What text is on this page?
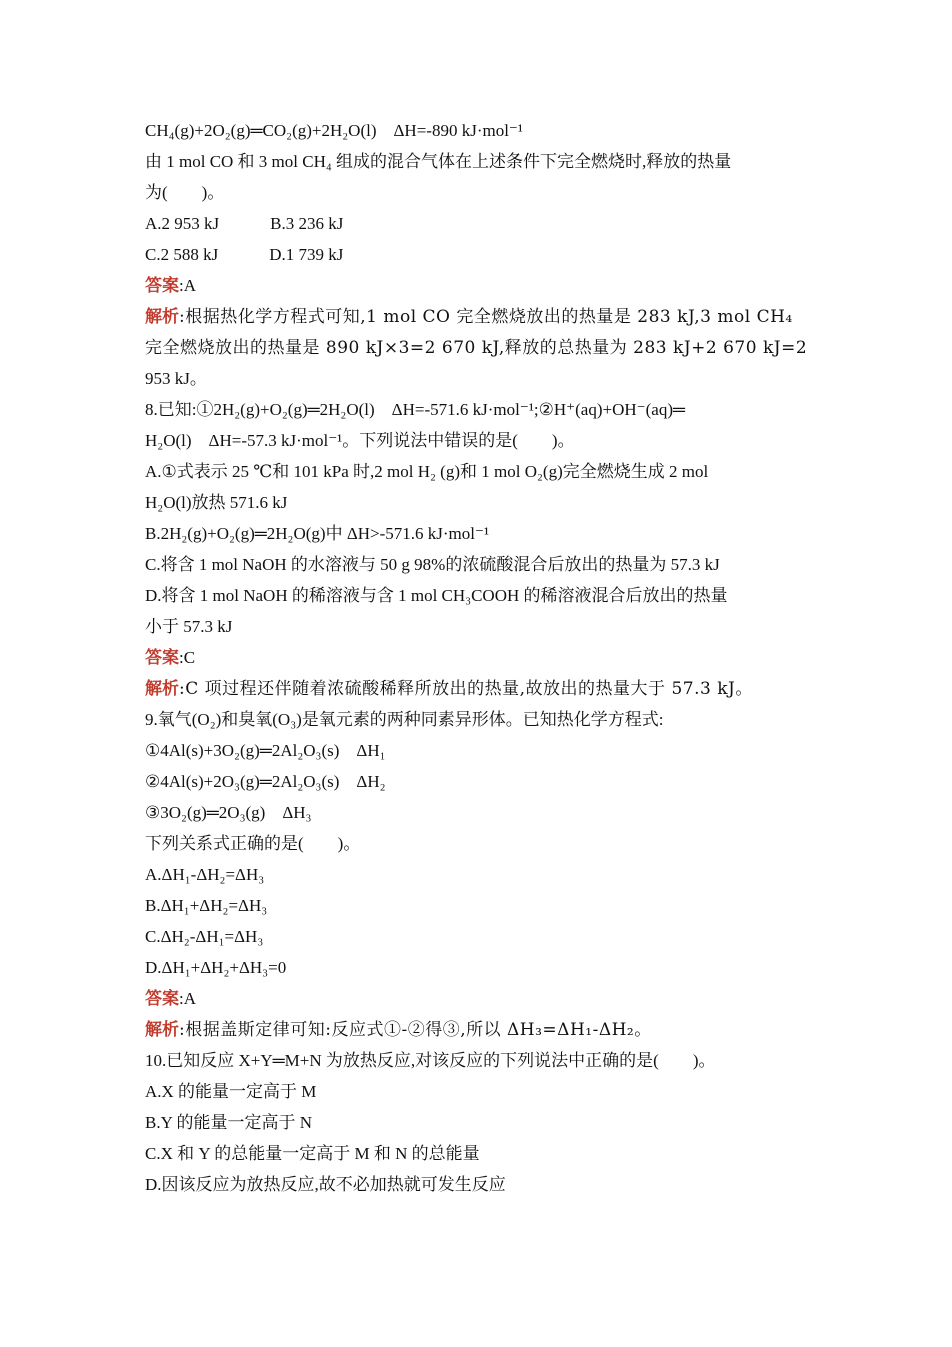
CH₄(g)+2O₂(g)═CO₂(g)+2H₂O(l)　ΔH=-890 kJ·mol⁻¹
由 1 mol CO 和 3 mol CH₄ 组成的混合气体在上述条件下完全燃烧时,释放的热量
为(　　)。
A.2 953 kJ　　　B.3 236 kJ
C.2 588 kJ　　　D.1 739 kJ
答案:A
解析:根据热化学方程式可知,1 mol CO 完全燃烧放出的热量是 283 kJ,3 mol CH₄
完全燃烧放出的热量是 890 kJ×3=2 670 kJ,释放的总热量为 283 kJ+2 670 kJ=2
953 kJ。
8.已知:①2H₂(g)+O₂(g)═2H₂O(l)　ΔH=-571.6 kJ·mol⁻¹;②H⁺(aq)+OH⁻(aq)═
H₂O(l)　ΔH=-57.3 kJ·mol⁻¹。下列说法中错误的是(　　)。
A.①式表示 25 ℃和 101 kPa 时,2 mol H₂ (g)和 1 mol O₂(g)完全燃烧生成 2 mol
H₂O(l)放热 571.6 kJ
B.2H₂(g)+O₂(g)═2H₂O(g)中 ΔH>-571.6 kJ·mol⁻¹
C.将含 1 mol NaOH 的水溶液与 50 g 98%的浓硫酸混合后放出的热量为 57.3 kJ
D.将含 1 mol NaOH 的稀溶液与含 1 mol CH₃COOH 的稀溶液混合后放出的热量
小于 57.3 kJ
答案:C
解析:C 项过程还伴随着浓硫酸稀释所放出的热量,故放出的热量大于 57.3 kJ。
9.氧气(O₂)和臭氧(O₃)是氧元素的两种同素异形体。已知热化学方程式:
①4Al(s)+3O₂(g)═2Al₂O₃(s)　ΔH₁
②4Al(s)+2O₃(g)═2Al₂O₃(s)　ΔH₂
③3O₂(g)═2O₃(g)　ΔH₃
下列关系式正确的是(　　)。
A.ΔH₁-ΔH₂=ΔH₃
B.ΔH₁+ΔH₂=ΔH₃
C.ΔH₂-ΔH₁=ΔH₃
D.ΔH₁+ΔH₂+ΔH₃=0
答案:A
解析:根据盖斯定律可知:反应式①-②得③,所以 ΔH₃=ΔH₁-ΔH₂。
10.已知反应 X+Y═M+N 为放热反应,对该反应的下列说法中正确的是(　　)。
A.X 的能量一定高于 M
B.Y 的能量一定高于 N
C.X 和 Y 的总能量一定高于 M 和 N 的总能量
D.因该反应为放热反应,故不必加热就可发生反应
